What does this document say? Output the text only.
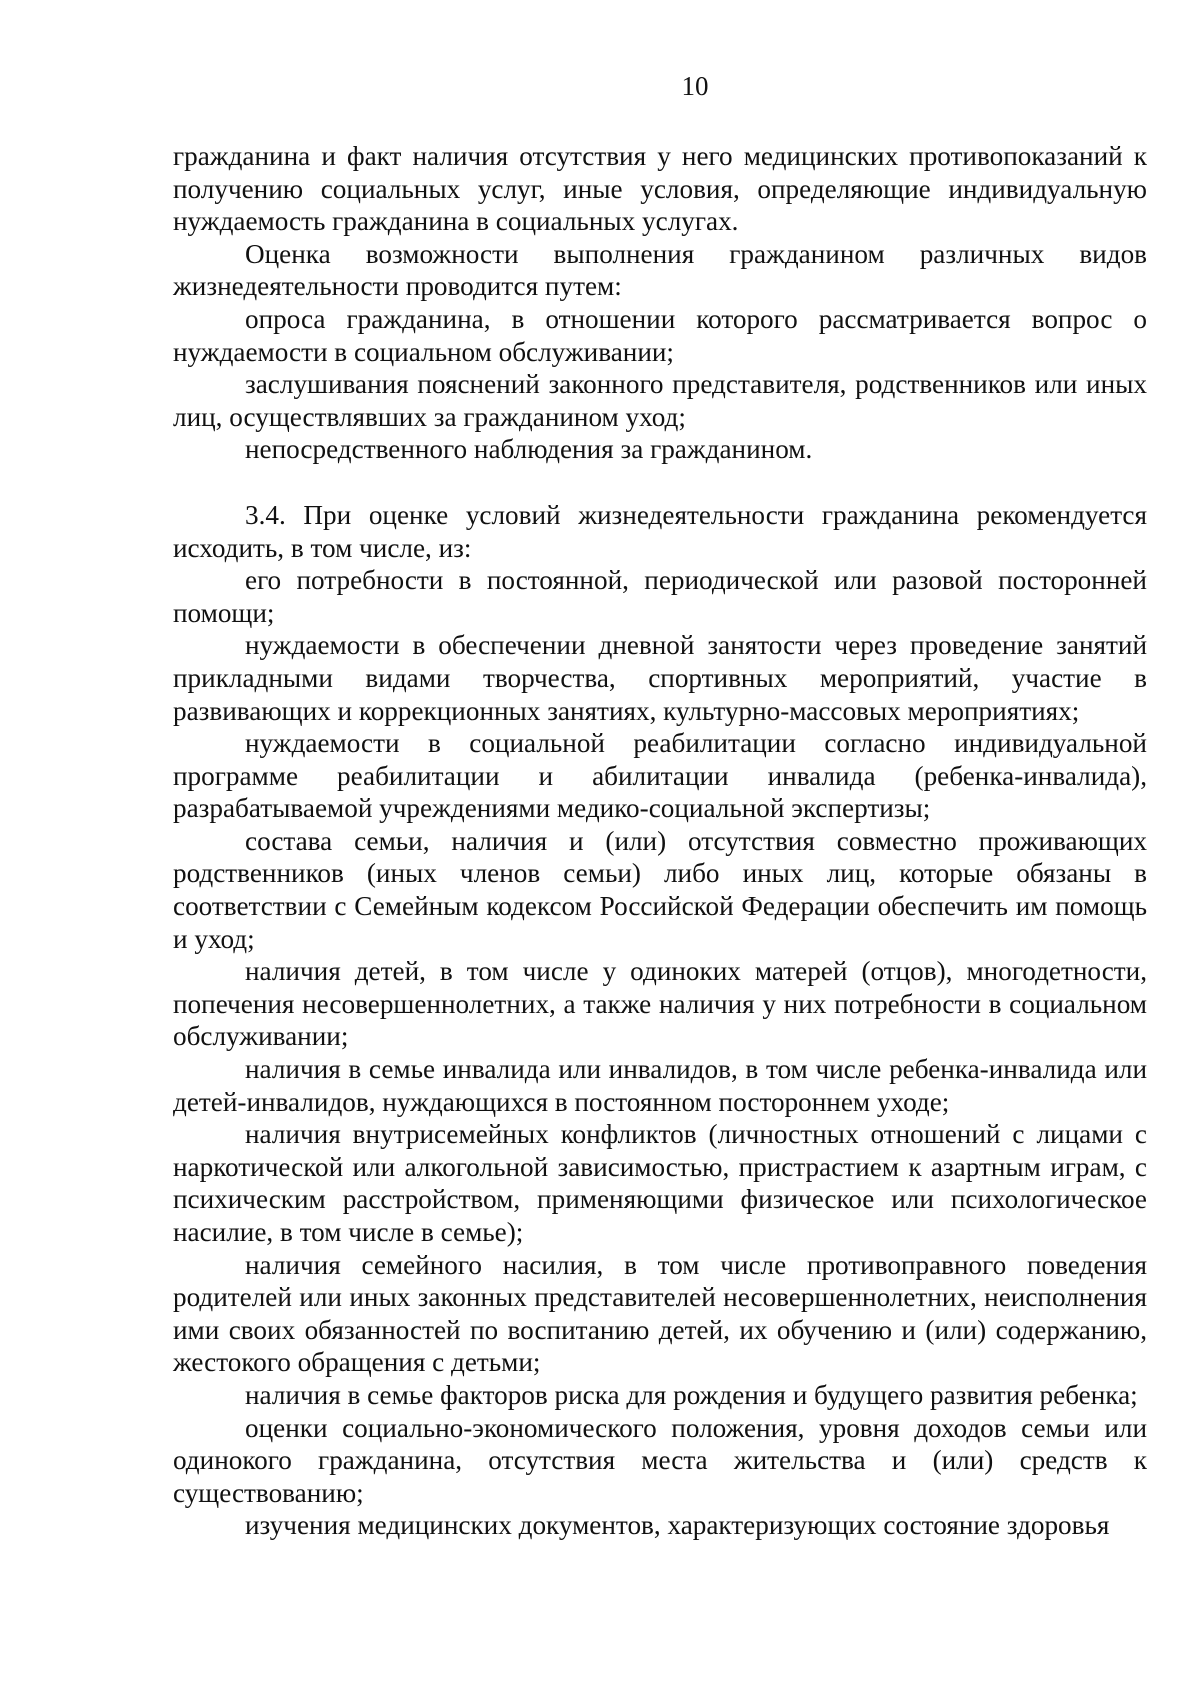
10

гражданина и факт наличия отсутствия у него медицинских противопоказаний к получению социальных услуг, иные условия, определяющие индивидуальную нуждаемость гражданина в социальных услугах.

Оценка возможности выполнения гражданином различных видов жизнедеятельности проводится путем:

опроса гражданина, в отношении которого рассматривается вопрос о нуждаемости в социальном обслуживании;

заслушивания пояснений законного представителя, родственников или иных лиц, осуществлявших за гражданином уход;

непосредственного наблюдения за гражданином.

3.4. При оценке условий жизнедеятельности гражданина рекомендуется исходить, в том числе, из:

его потребности в постоянной, периодической или разовой посторонней помощи;

нуждаемости в обеспечении дневной занятости через проведение занятий прикладными видами творчества, спортивных мероприятий, участие в развивающих и коррекционных занятиях, культурно-массовых мероприятиях;

нуждаемости в социальной реабилитации согласно индивидуальной программе реабилитации и абилитации инвалида (ребенка-инвалида), разрабатываемой учреждениями медико-социальной экспертизы;

состава семьи, наличия и (или) отсутствия совместно проживающих родственников (иных членов семьи) либо иных лиц, которые обязаны в соответствии с Семейным кодексом Российской Федерации обеспечить им помощь и уход;

наличия детей, в том числе у одиноких матерей (отцов), многодетности, попечения несовершеннолетних, а также наличия у них потребности в социальном обслуживании;

наличия в семье инвалида или инвалидов, в том числе ребенка-инвалида или детей-инвалидов, нуждающихся в постоянном постороннем уходе;

наличия внутрисемейных конфликтов (личностных отношений с лицами с наркотической или алкогольной зависимостью, пристрастием к азартным играм, с психическим расстройством, применяющими физическое или психологическое насилие, в том числе в семье);

наличия семейного насилия, в том числе противоправного поведения родителей или иных законных представителей несовершеннолетних, неисполнения ими своих обязанностей по воспитанию детей, их обучению и (или) содержанию, жестокого обращения с детьми;

наличия в семье факторов риска для рождения и будущего развития ребенка;

оценки социально-экономического положения, уровня доходов семьи или одинокого гражданина, отсутствия места жительства и (или) средств к существованию;

изучения медицинских документов, характеризующих состояние здоровья
